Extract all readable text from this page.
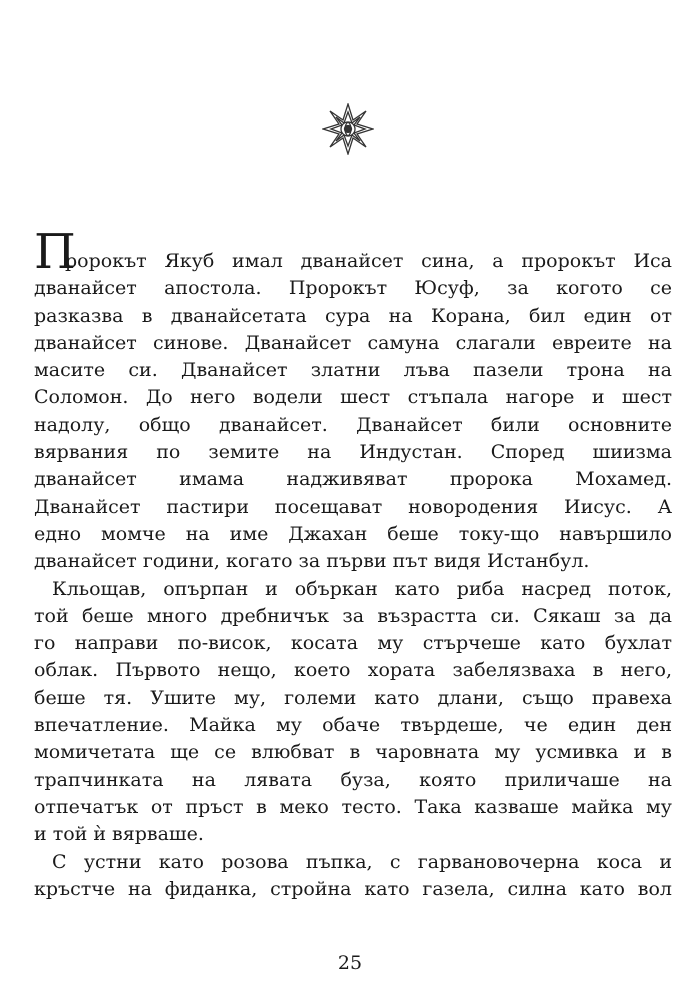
П
ророкът Якуб имал дванайсет сина, а пророкът Иса
дванайсет апостола. Пророкът Юсуф, за когото се
разказва в дванайсетата сура на Корана, бил един от
дванайсет синове. Дванайсет самуна слагали евреите на
масите си. Дванайсет златни лъва пазели трона на
Соломон. До него водели шест стъпала нагоре и шест
надолу, общо дванайсет. Дванайсет били основните
вярвания по земите на Индустан. Според шиизма
дванайсет имама надживяват пророка Мохамед.
Дванайсет пастири посещават новородения Иисус. А
едно момче на име Джахан беше току-що навършило
дванайсет години, когато за първи път видя Истанбул.
Кльощав, опърпан и объркан като риба насред поток,
той беше много дребничък за възрастта си. Сякаш за да
го направи по-висок, косата му стърчеше като бухлат
облак. Първото нещо, което хората забелязваха в него,
беше тя. Ушите му, големи като длани, също правеха
впечатление. Майка му обаче твърдеше, че един ден
момичетата ще се влюбват в чаровната му усмивка и в
трапчинката на лявата буза, която приличаше на
отпечатък от пръст в меко тесто. Така казваше майка му
и той ѝ вярваше.
С устни като розова пъпка, с гарвановочерна коса и
кръстче на фиданка, стройна като газела, силна като вол
25
